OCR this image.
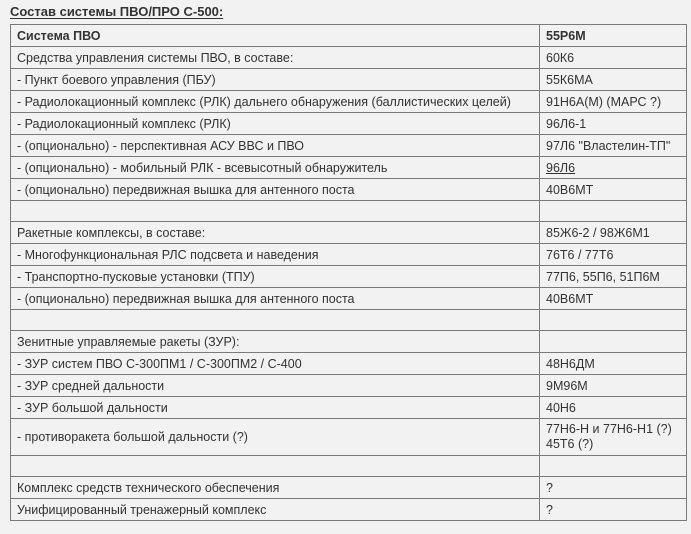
Состав системы ПВО/ПРО С-500:
Система ПВО	55Р6М
Средства управления системы ПВО, в составе:	60К6
- Пункт боевого управления (ПБУ)	55К6МА
- Радиолокационный комплекс (РЛК) дальнего обнаружения (баллистических целей)	91Н6А(М) (МАРС ?)
- Радиолокационный комплекс (РЛК)	96Л6-1
- (опционально) - перспективная АСУ ВВС и ПВО	97Л6 "Властелин-ТП"
- (опционально) - мобильный РЛК - всевысотный обнаружитель	96Л6
- (опционально) передвижная вышка для антенного поста	40В6МТ

Ракетные комплексы, в составе:	85Ж6-2 / 98Ж6М1
- Многофункциональная РЛС подсвета и наведения	76Т6 / 77Т6
- Транспортно-пусковые установки (ТПУ)	77П6, 55П6, 51П6М
- (опционально) передвижная вышка для антенного поста	40В6МТ

Зенитные управляемые ракеты (ЗУР):	
- ЗУР систем ПВО С-300ПМ1 / С-300ПМ2 / С-400	48Н6ДМ
- ЗУР средней дальности	9М96М
- ЗУР большой дальности	40Н6
- противоракета большой дальности (?)	77Н6-Н и 77Н6-Н1 (?)
45Т6 (?)

Комплекс средств технического обеспечения	?
Унифицированный тренажерный комплекс	?
